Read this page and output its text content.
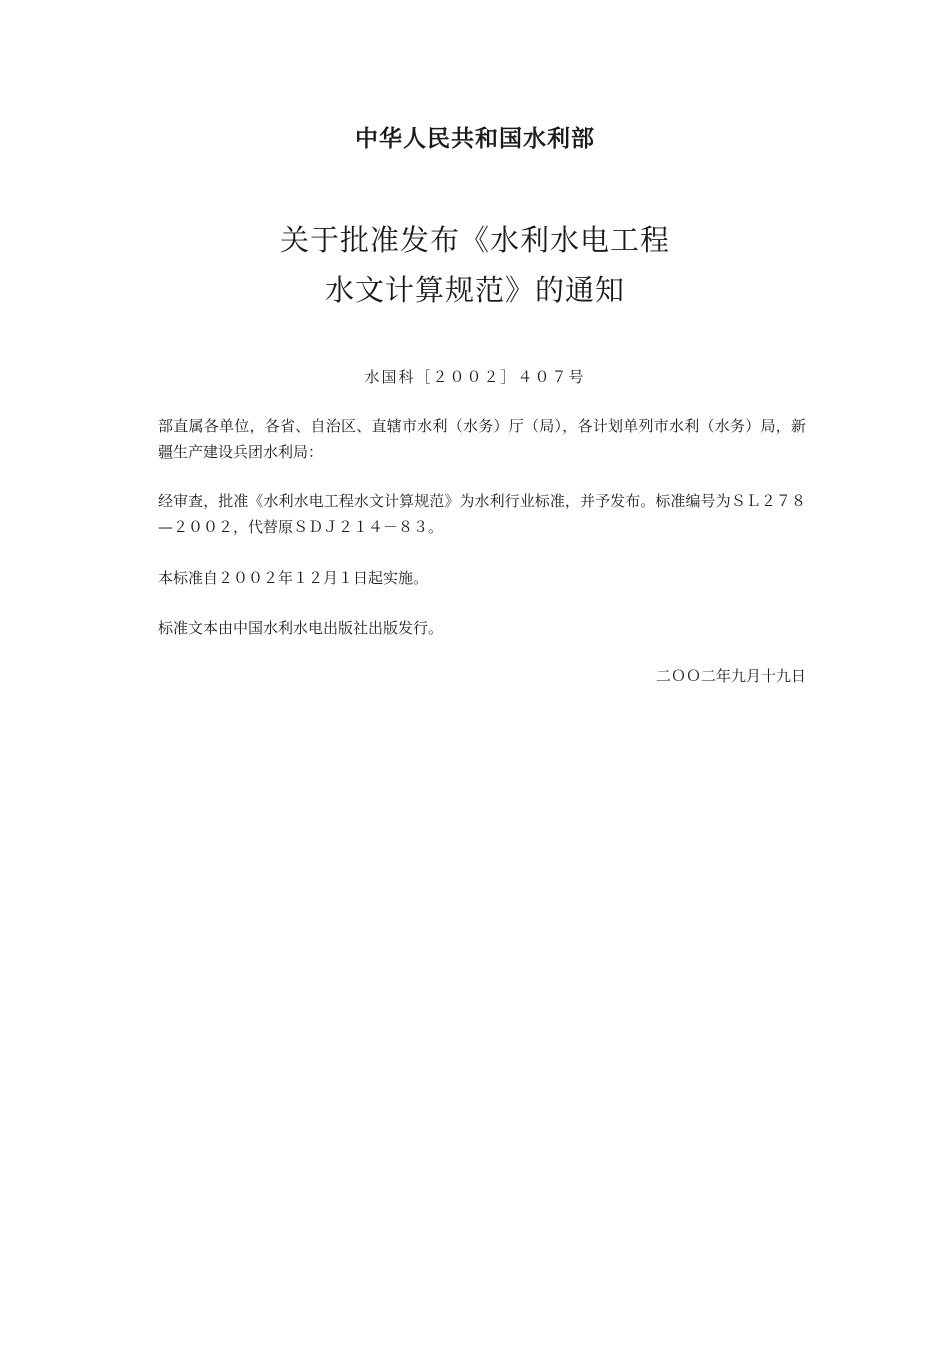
中华人民共和国水利部
关于批准发布《水利水电工程
水文计算规范》的通知
水国科［２００２］４０７号
部直属各单位，各省、自治区、直辖市水利（水务）厅（局），各计划单列市水利（水务）局，新疆生产建设兵团水利局：
经审查，批准《水利水电工程水文计算规范》为水利行业标准，并予发布。标准编号为ＳＬ２７８—２００２，代替原ＳＤＪ２１４－８３。
本标准自２００２年１２月１日起实施。
标准文本由中国水利水电出版社出版发行。
二ＯＯ二年九月十九日
